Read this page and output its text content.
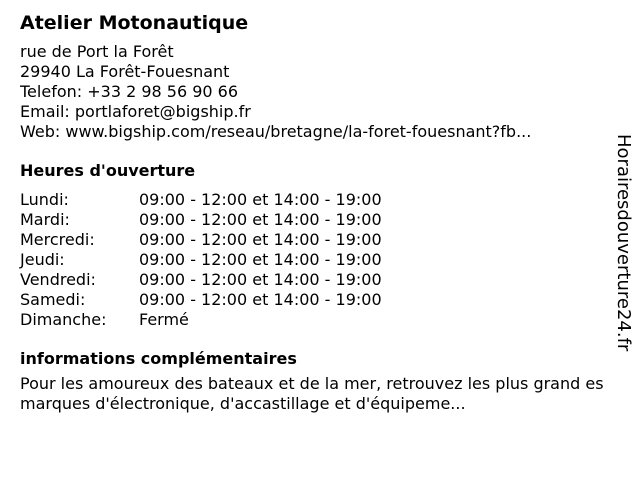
Atelier Motonautique
rue de Port la Forêt
29940 La Forêt-Fouesnant
Telefon: +33 2 98 56 90 66
Email: portlaforet@bigship.fr
Web: www.bigship.com/reseau/bretagne/la-foret-fouesnant?fb...
Heures d'ouverture
Lundi:	09:00 - 12:00 et 14:00 - 19:00
Mardi:	09:00 - 12:00 et 14:00 - 19:00
Mercredi:	09:00 - 12:00 et 14:00 - 19:00
Jeudi:	09:00 - 12:00 et 14:00 - 19:00
Vendredi:	09:00 - 12:00 et 14:00 - 19:00
Samedi:	09:00 - 12:00 et 14:00 - 19:00
Dimanche:	Fermé
informations complémentaires
Pour les amoureux des bateaux et de la mer, retrouvez les plus grand es marques d'électronique, d'accastillage et d'équipeme...
Horairesdouverture24.fr
